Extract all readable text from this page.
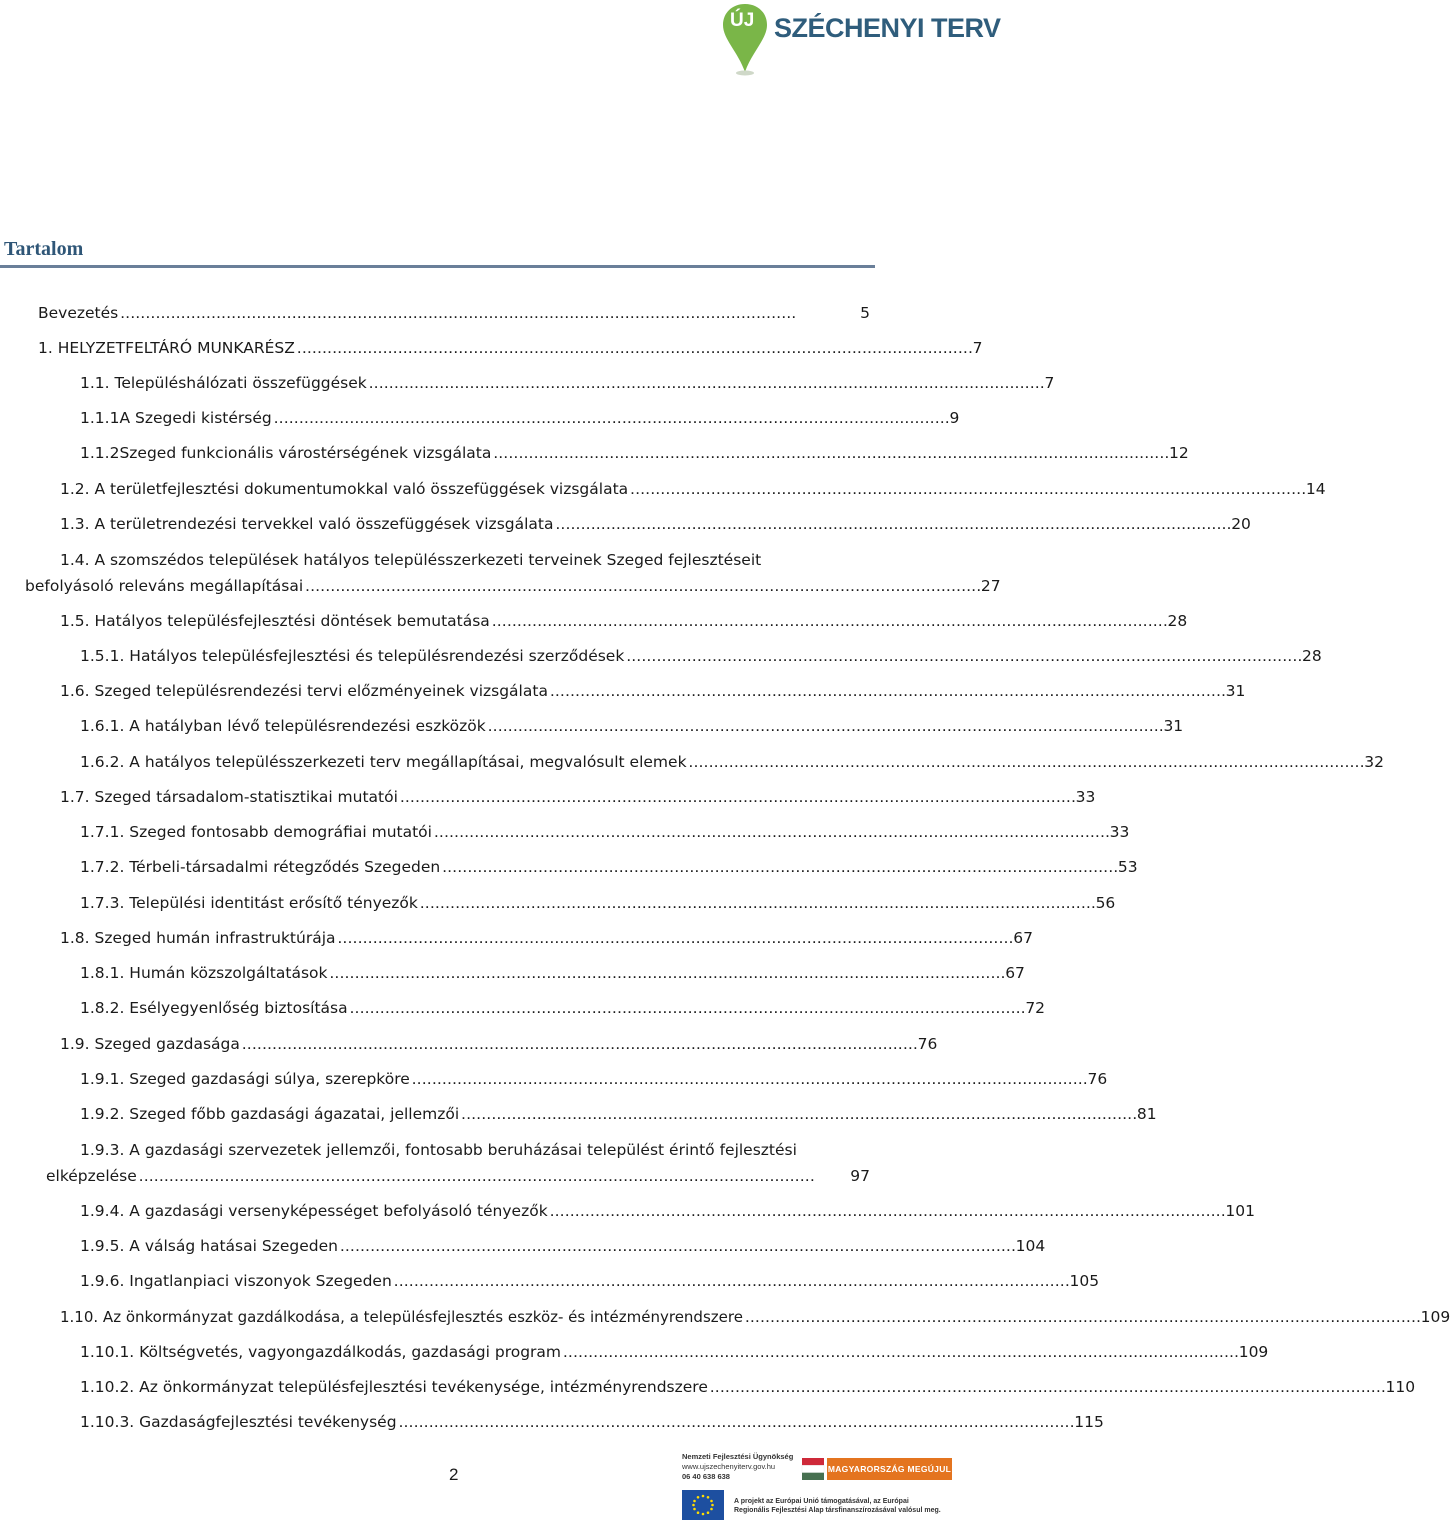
ÚJ SZÉCHENYI TERV
Tartalom
Bevezetés . . .	5
1. HELYZETFELTÁRÓ MUNKARÉSZ . . .	7
1.1. Településhálózati összefüggések . . .	7
1.1.1 A Szegedi kistérség . . .	9
1.1.2 Szeged funkcionális várostérségének vizsgálata . . .	12
1.2. A területfejlesztési dokumentumokkal való összefüggések vizsgálata . . .	14
1.3. A területrendezési tervekkel való összefüggések vizsgálata . . .	20
1.4. A szomszédos települések hatályos településszerkezeti terveinek Szeged fejlesztéseit
befolyásoló releváns megállapításai . . .	27
1.5. Hatályos településfejlesztési döntések bemutatása . . .	28
1.5.1. Hatályos településfejlesztési és településrendezési szerződések . . .	28
1.6. Szeged településrendezési tervi előzményeinek vizsgálata . . .	31
1.6.1. A hatályban lévő településrendezési eszközök . . .	31
1.6.2. A hatályos településszerkezeti terv megállapításai, megvalósult elemek . . .	32
1.7. Szeged társadalom-statisztikai mutatói . . .	33
1.7.1. Szeged fontosabb demográfiai mutatói . . .	33
1.7.2. Térbeli-társadalmi rétegződés Szegeden . . .	53
1.7.3. Települési identitást erősítő tényezők . . .	56
1.8. Szeged humán infrastruktúrája . . .	67
1.8.1. Humán közszolgáltatások . . .	67
1.8.2. Esélyegyenlőség biztosítása . . .	72
1.9. Szeged gazdasága . . .	76
1.9.1. Szeged gazdasági súlya, szerepköre . . .	76
1.9.2. Szeged főbb gazdasági ágazatai, jellemzői . . .	81
1.9.3. A gazdasági szervezetek jellemzői, fontosabb beruházásai települést érintő fejlesztési
elképzelése . . .	97
1.9.4. A gazdasági versenyképességet befolyásoló tényezők . . .	101
1.9.5. A válság hatásai Szegeden . . .	104
1.9.6. Ingatlanpiaci viszonyok Szegeden . . .	105
1.10. Az önkormányzat gazdálkodása, a településfejlesztés eszköz- és intézményrendszere . . .	109
1.10.1. Költségvetés, vagyongazdálkodás, gazdasági program . . .	109
1.10.2. Az önkormányzat településfejlesztési tevékenysége, intézményrendszere . . .	110
1.10.3. Gazdaságfejlesztési tevékenység . . .	115
2
Nemzeti Fejlesztési Ügynökség
www.ujszechenyiterv.gov.hu
06 40 638 638
MAGYARORSZÁG MEGÚJUL
A projekt az Európai Unió támogatásával, az Európai
Regionális Fejlesztési Alap társfinanszírozásával valósul meg.
